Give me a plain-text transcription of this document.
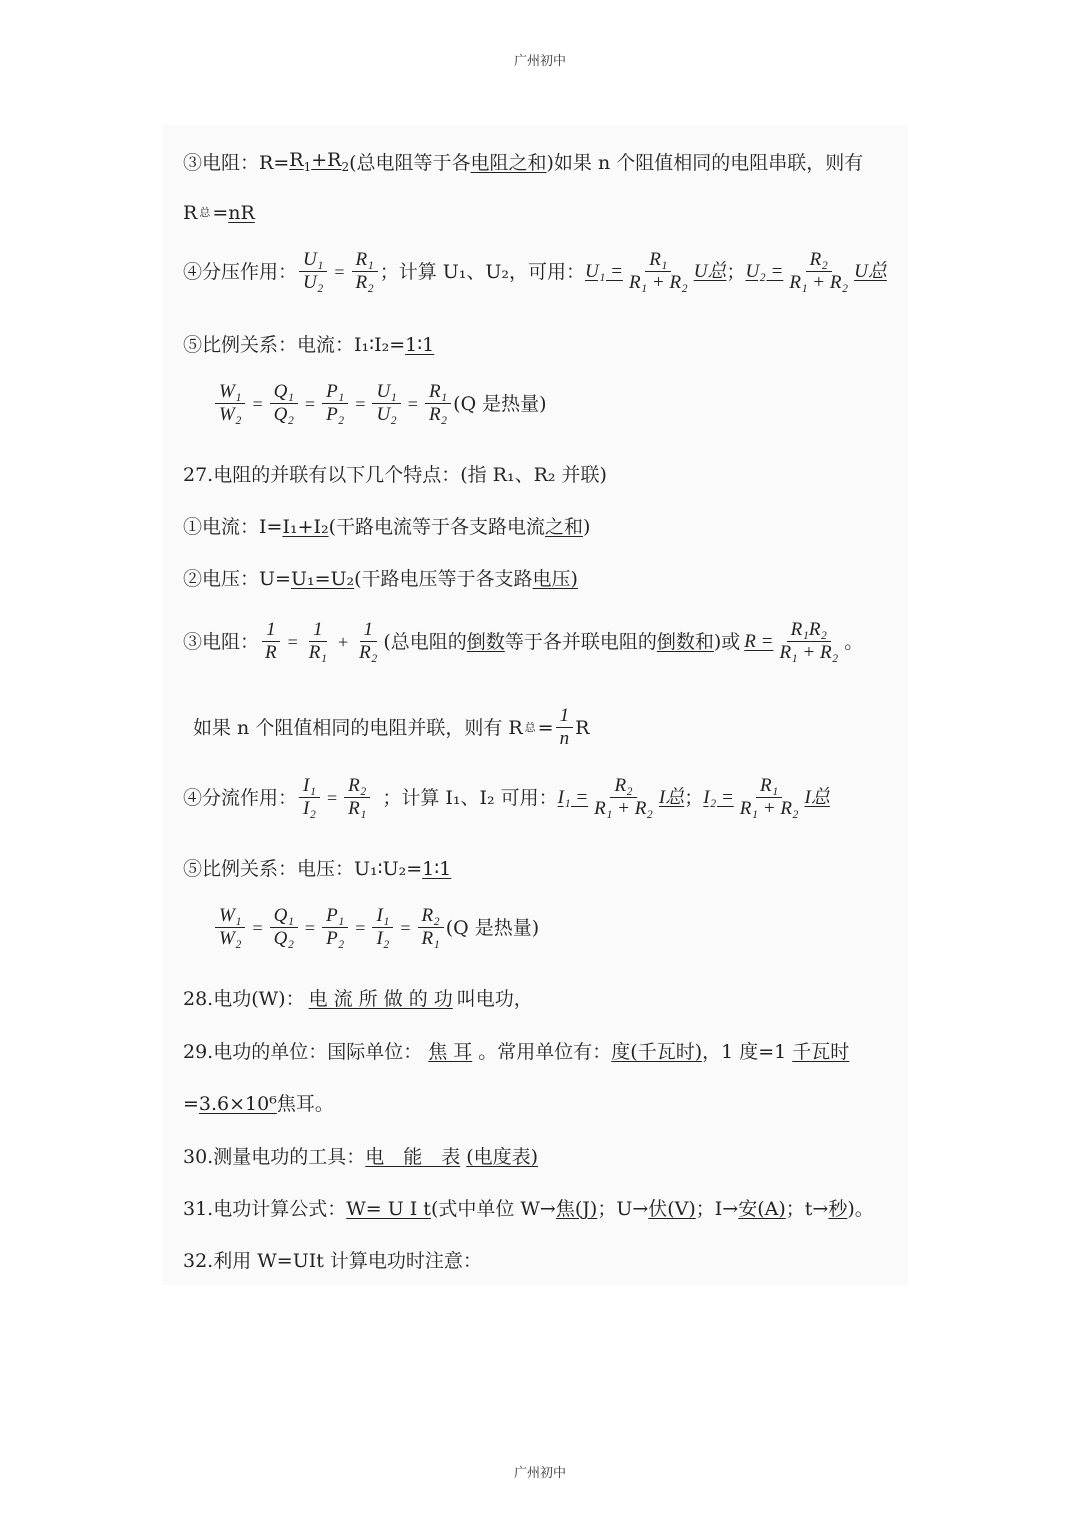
广州初中
③电阻： $R= R_1+R_2$ (总电阻等于各 电阻之和 )如果 n 个阻值相同的电阻串联，则有
R 总 = nR
④分压作用： $\frac{\text{U₁}}{\text{U₂}} = \frac{\text{R₁}}{\text{R₂}}$ ；计算 U₁、U₂，可用： $U_1 = \frac{\text{R₁}}{\text{R₁ + R₂}}$ U总 ； $U_2 = \frac{\text{R₂}}{\text{R₁ + R₂}}$ U总
⑤比例关系：电流：I₁∶I₂= 1∶1
$\frac{\text{W₁}}{\text{W₂}} = \frac{\text{Q₁}}{\text{Q₂}} = \frac{\text{P₁}}{\text{P₂}} = \frac{\text{U₁}}{\text{U₂}} = \frac{\text{R₁}}{\text{R₂}} (Q$ 是热量)
27.电阻的并联有以下几个特点：(指 R₁、R₂ 并联)
①电流：I= I₁+I₂ (干路电流等于各支路电流 之和 )
②电压：U= U₁=U₂ (干路电压等于各支路 电压)
③电阻： $\frac{1}{R} = \frac{1}{\text{R₁}} + \frac{1}{\text{R₂}}$ (总电阻的 倒数 等于各并联电阻的 倒数和 )或 $R = \frac{\text{R₁R₂}}{\text{R₁ + R₂}}$ 。
如果 n 个阻值相同的电阻并联，则有 R 总 = $\frac{1}{n}$ R
④分流作用： $\frac{\text{I₁}}{\text{I₂}} = \frac{\text{R₂}}{\text{R₁}}$ ；计算 I₁、I₂ 可用： $I_1 = \frac{\text{R₂}}{\text{R₁ + R₂}}$ I总 ； $I_2 = \frac{\text{R₁}}{\text{R₁ + R₂}}$ I总
⑤比例关系：电压：U₁∶U₂= 1∶1
$\frac{\text{W₁}}{\text{W₂}} = \frac{\text{Q₁}}{\text{Q₂}} = \frac{\text{P₁}}{\text{P₂}} = \frac{\text{I₁}}{\text{I₂}} = \frac{\text{R₂}}{\text{R₁}} (Q$ 是热量)
28.电功(W)： 电 流 所 做 的 功 叫电功，
29.电功的单位：国际单位： 焦 耳 。常用单位有： 度(千瓦时) ，1 度=1 千瓦时
= 3.6×10⁶ 焦耳。
30.测量电功的工具： 电　能　表 (电度表)
31.电功计算公式： W= U I t (式中单位 W→ 焦(J) ；U→ 伏(V) ；I→ 安(A) ；t→ 秒 )。
32.利用 W=UIt 计算电功时注意：
广州初中
